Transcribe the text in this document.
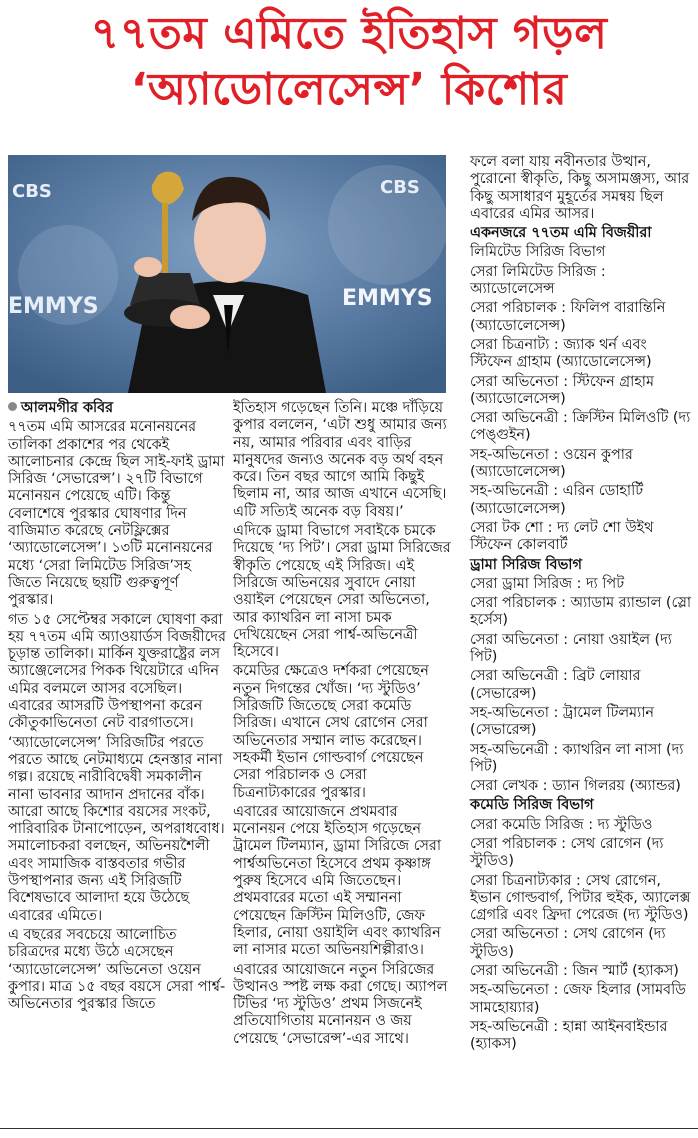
৭৭তম এমিতে ইতিহাস গড়ল
‘অ্যাডোলেসেন্স’ কিশোর
CBS	CBS
EMMYS	EMMYS

আলমগীর কবির

৭৭তম এমি আসরের মনোনয়নের তালিকা প্রকাশের পর থেকেই আলোচনার কেন্দ্রে ছিল সাই-ফাই ড্রামা সিরিজ ‘সেভারেন্স’। ২৭টি বিভাগে মনোনয়ন পেয়েছে এটি। কিন্তু বেলাশেষে পুরস্কার ঘোষণার দিন বাজিমাত করেছে নেটফ্লিক্সের ‘অ্যাডোলেসেন্স’। ১৩টি মনোনয়নের মধ্যে ‘সেরা লিমিটেড সিরিজ’সহ জিতে নিয়েছে ছয়টি গুরুত্বপূর্ণ পুরস্কার।

গত ১৫ সেপ্টেম্বর সকালে ঘোষণা করা হয় ৭৭তম এমি অ্যাওয়ার্ডস বিজয়ীদের চূড়ান্ত তালিকা। মার্কিন যুক্তরাষ্ট্রের লস অ্যাঞ্জেলেসের পিকক থিয়েটারে এদিন এমির বলমলে আসর বসেছিল। এবারের আসরটি উপস্থাপনা করেন কৌতুকাভিনেতা নেট বারগাতসে।

‘অ্যাডোলেসেন্স’ সিরিজটির পরতে পরতে আছে নেটমাধ্যমে হেনস্তার নানা গল্প। রয়েছে নারীবিদ্বেষী সমকালীন নানা ভাবনার আদান প্রদানের বাঁক। আরো আছে কিশোর বয়সের সংকট, পারিবারিক টানাপোড়েন, অপরাধবোধ। সমালোচকরা বলছেন, অভিনয়শৈলী এবং সামাজিক বাস্তবতার গভীর উপস্থাপনার জন্য এই সিরিজটি বিশেষভাবে আলাদা হয়ে উঠেছে এবারের এমিতে।

এ বছরের সবচেয়ে আলোচিত চরিত্রদের মধ্যে উঠে এসেছেন ‘অ্যাডোলেসেন্স’ অভিনেতা ওয়েন কুপার। মাত্র ১৫ বছর বয়সে সেরা পার্শ্ব-অভিনেতার পুরস্কার জিতে

ইতিহাস গড়েছেন তিনি। মঞ্চে দাঁড়িয়ে কুপার বললেন, ‘এটা শুধু আমার জন্য নয়, আমার পরিবার এবং বাড়ির মানুষদের জন্যও অনেক বড় অর্থ বহন করে। তিন বছর আগে আমি কিছুই ছিলাম না, আর আজ এখানে এসেছি। এটি সত্যিই অনেক বড় বিষয়।’

এদিকে ড্রামা বিভাগে সবাইকে চমকে দিয়েছে ‘দ্য পিট’। সেরা ড্রামা সিরিজের স্বীকৃতি পেয়েছে এই সিরিজ। এই সিরিজে অভিনয়ের সুবাদে নোয়া ওয়াইল পেয়েছেন সেরা অভিনেতা, আর ক্যাথরিন লা নাসা চমক দেখিয়েছেন সেরা পার্শ্ব-অভিনেত্রী হিসেবে।

কমেডির ক্ষেত্রেও দর্শকরা পেয়েছেন নতুন দিগন্তের খোঁজ। ‘দ্য স্টুডিও’ সিরিজটি জিতেছে সেরা কমেডি সিরিজ। এখানে সেথ রোগেন সেরা অভিনেতার সম্মান লাভ করেছেন। সহকর্মী ইভান গোল্ডবার্গ পেয়েছেন সেরা পরিচালক ও সেরা চিত্রনাট্যকারের পুরস্কার।

এবারের আয়োজনে প্রথমবার মনোনয়ন পেয়ে ইতিহাস গড়েছেন ট্রামেল টিলম্যান, ড্রামা সিরিজে সেরা পার্শ্বঅভিনেতা হিসেবে প্রথম কৃষ্ণাঙ্গ পুরুষ হিসেবে এমি জিতেছেন। প্রথমবারের মতো এই সম্মাননা পেয়েছেন ক্রিস্টিন মিলিওটি, জেফ হিলার, নোয়া ওয়াইলি এবং ক্যাথরিন লা নাসার মতো অভিনয়শিল্পীরাও।

এবারের আয়োজনে নতুন সিরিজের উত্থানও স্পষ্ট লক্ষ করা গেছে। অ্যাপল টিভির ‘দ্য স্টুডিও’ প্রথম সিজনেই প্রতিযোগিতায় মনোনয়ন ও জয় পেয়েছে ‘সেভারেন্স’-এর সাথে।

ফলে বলা যায় নবীনতার উত্থান, পুরোনো স্বীকৃতি, কিছু অসামঞ্জস্য, আর কিছু অসাধারণ মুহূর্তের সমন্বয় ছিল এবারের এমির আসর।

একনজরে ৭৭তম এমি বিজয়ীরা

লিমিটেড সিরিজ বিভাগ

সেরা লিমিটেড সিরিজ : অ্যাডোলেসেন্স

সেরা পরিচালক : ফিলিপ বারান্তিনি (অ্যাডোলেসেন্স)

সেরা চিত্রনাট্য : জ্যাক থর্ন এবং স্টিফেন গ্রাহাম (অ্যাডোলেসেন্স)

সেরা অভিনেতা : স্টিফেন গ্রাহাম (অ্যাডোলেসেন্স)

সেরা অভিনেত্রী : ক্রিস্টিন মিলিওটি (দ্য পেঙ্গুইন)

সহ-অভিনেতা : ওয়েন কুপার (অ্যাডোলেসেন্স)

সহ-অভিনেত্রী : এরিন ডোহার্টি (অ্যাডোলেসেন্স)

সেরা টক শো : দ্য লেট শো উইথ স্টিফেন কোলবার্ট

ড্রামা সিরিজ বিভাগ

সেরা ড্রামা সিরিজ : দ্য পিট

সেরা পরিচালক : অ্যাডাম র‍্যান্ডাল (স্লো হর্সেস)

সেরা অভিনেতা : নোয়া ওয়াইল (দ্য পিট)

সেরা অভিনেত্রী : ব্রিট লোয়ার (সেভারেন্স)

সহ-অভিনেতা : ট্রামেল টিলম্যান (সেভারেন্স)

সহ-অভিনেত্রী : ক্যাথরিন লা নাসা (দ্য পিট)

সেরা লেখক : ড্যান গিলরয় (অ্যান্ডর)

কমেডি সিরিজ বিভাগ

সেরা কমেডি সিরিজ : দ্য স্টুডিও

সেরা পরিচালক : সেথ রোগেন (দ্য স্টুডিও)

সেরা চিত্রনাট্যকার : সেথ রোগেন, ইভান গোল্ডবার্গ, পিটার হুইক, অ্যালেক্স গ্রেগরি এবং ফ্রিদা পেরেজ (দ্য স্টুডিও)

সেরা অভিনেতা : সেথ রোগেন (দ্য স্টুডিও)

সেরা অভিনেত্রী : জিন স্মার্ট (হ্যাকস)

সহ-অভিনেতা : জেফ হিলার (সামবডি সামহোয়্যার)

সহ-অভিনেত্রী : হান্না আইনবাইন্ডার (হ্যাকস)
